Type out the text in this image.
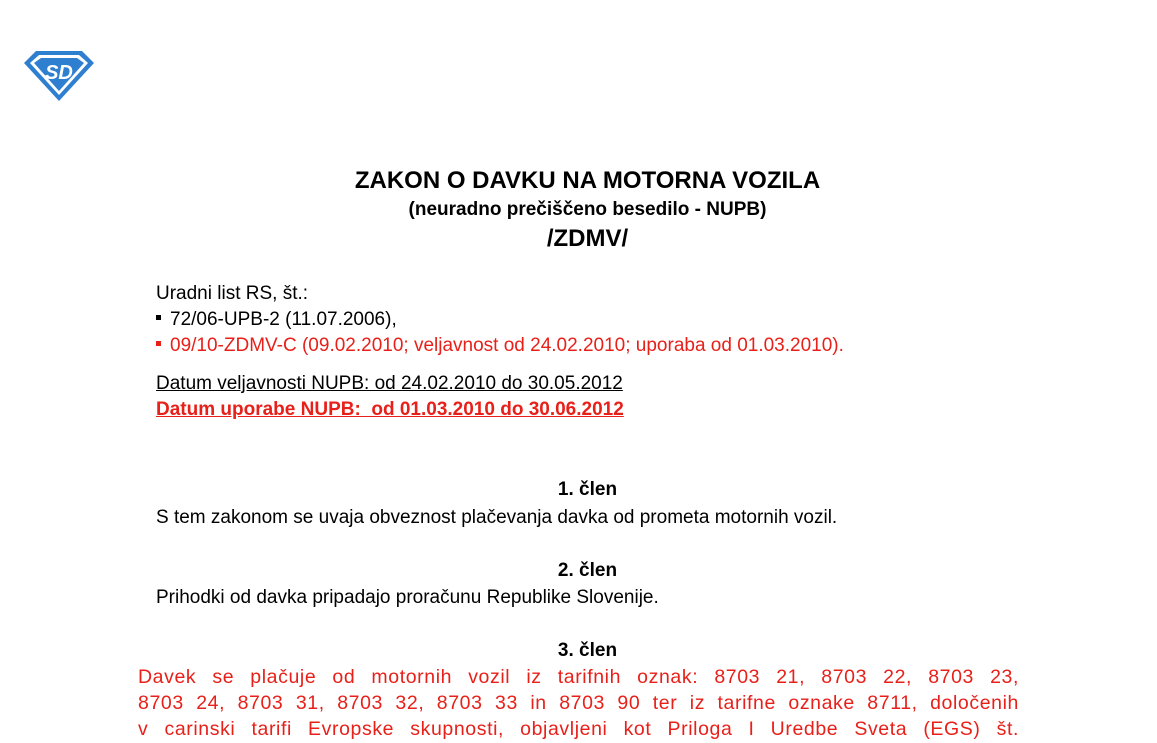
SD
ZAKON O DAVKU NA MOTORNA VOZILA
(neuradno prečiščeno besedilo - NUPB)
/ZDMV/

Uradni list RS, št.:

72/06-UPB-2 (11.07.2006),

09/10-ZDMV-C (09.02.2010; veljavnost od 24.02.2010; uporaba od 01.03.2010).

Datum veljavnosti NUPB: od 24.02.2010 do 30.05.2012

Datum uporabe NUPB:  od 01.03.2010 do 30.06.2012

1. člen

S tem zakonom se uvaja obveznost plačevanja davka od prometa motornih vozil.

2. člen

Prihodki od davka pripadajo proračunu Republike Slovenije.

3. člen

Davek se plačuje od motornih vozil iz tarifnih oznak: 8703 21, 8703 22, 8703 23,

8703 24, 8703 31, 8703 32, 8703 33 in 8703 90 ter iz tarifne oznake 8711, določenih

v carinski tarifi Evropske skupnosti, objavljeni kot Priloga I Uredbe Sveta (EGS) št.
